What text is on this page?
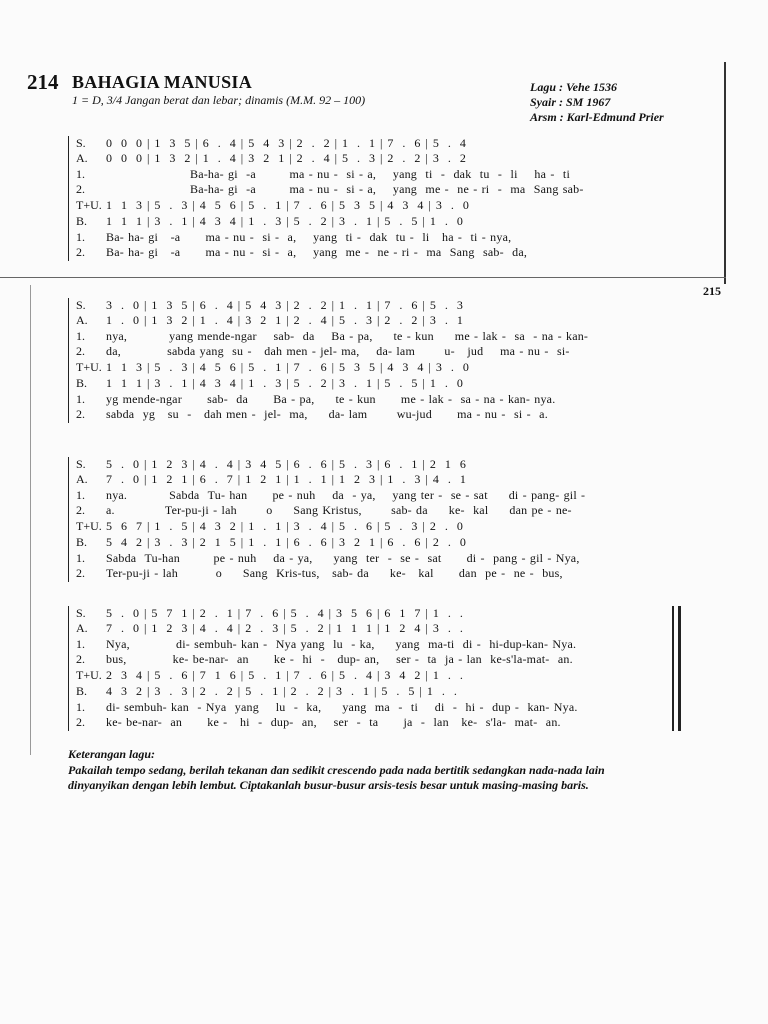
214 BAHAGIA MANUSIA
1 = D, 3/4 Jangan berat dan lebar; dinamis (M.M. 92 – 100)
Lagu : Vehe 1536
Syair : SM 1967
Arsm : Karl-Edmund Prier
215
S.	0  0  0 | 1  3  5 | 6  .  4 | 5  4  3 | 2  .  2 | 1  .  1 | 7  .  6 | 5  .  4
A.	0  0  0 | 1  3  2 | 1  .  4 | 3  2  1 | 2  .  4 | 5  .  3 | 2  .  2 | 3  .  2
1.	Ba-ha- gi  -a        ma - nu -  si - a,    yang  ti  -  dak  tu  -  li    ha -  ti
2.	Ba-ha- gi  -a        ma - nu -  si - a,    yang  me -  ne - ri  -  ma  Sang sab-
T+U. 1  1  3 | 5  .  3 | 4  5  6 | 5  .  1 | 7  .  6 | 5  3  5 | 4  3  4 | 3  .  0
B.	1  1  1 | 3  .  1 | 4  3  4 | 1  .  3 | 5  .  2 | 3  .  1 | 5  .  5 | 1  .  0
1.	Ba- ha- gi   -a      ma - nu -  si -  a,    yang  ti -  dak  tu -  li   ha -  ti - nya,
2.	Ba- ha- gi   -a      ma - nu -  si -  a,    yang  me -  ne - ri -  ma  Sang  sab-  da,
S.	3  .  0 | 1  3  5 | 6  .  4 | 5  4  3 | 2  .  2 | 1  .  1 | 7  .  6 | 5  .  3
A.	1  .  0 | 1  3  2 | 1  .  4 | 3  2  1 | 2  .  4 | 5  .  3 | 2  .  2 | 3  .  1
1.	nya,          yang mende-ngar    sab-  da    Ba - pa,     te - kun     me - lak -  sa  - na - kan-
2.	da,           sabda yang  su -   dah men - jel- ma,    da- lam       u-   jud    ma - nu -  si-
T+U. 1  1  3 | 5  .  3 | 4  5  6 | 5  .  1 | 7  .  6 | 5  3  5 | 4  3  4 | 3  .  0
B.	1  1  1 | 3  .  1 | 4  3  4 | 1  .  3 | 5  .  2 | 3  .  1 | 5  .  5 | 1  .  0
1.	yg mende-ngar      sab-  da      Ba - pa,     te - kun      me - lak -  sa - na - kan- nya.
2.	sabda  yg   su  -   dah men -  jel-  ma,     da- lam       wu-jud      ma - nu -  si -  a.
S.	5  .  0 | 1  2  3 | 4  .  4 | 3  4  5 | 6  .  6 | 5  .  3 | 6  .  1 | 2  1  6
A.	7  .  0 | 1  2  1 | 6  .  7 | 1  2  1 | 1  .  1 | 1  2  3 | 1  .  3 | 4  .  1
1.	nya.          Sabda  Tu- han      pe - nuh    da  - ya,    yang ter -  se - sat     di - pang- gil -
2.	a.            Ter-pu-ji - lah       o     Sang Kristus,       sab- da     ke-  kal     dan pe - ne-
T+U. 5  6  7 | 1  .  5 | 4  3  2 | 1  .  1 | 3  .  4 | 5  .  6 | 5  .  3 | 2  .  0
B.	5  4  2 | 3  .  3 | 2  1  5 | 1  .  1 | 6  .  6 | 3  2  1 | 6  .  6 | 2  .  0
1.	Sabda  Tu-han        pe - nuh    da - ya,     yang  ter  -  se -  sat      di -  pang - gil - Nya,
2.	Ter-pu-ji - lah         o     Sang  Kris-tus,   sab- da     ke-   kal      dan  pe -  ne -  bus,
S.	5  .  0 | 5  7  1 | 2  .  1 | 7  .  6 | 5  .  4 | 3  5  6 | 6  1  7 | 1  .  .
A.	7  .  0 | 1  2  3 | 4  .  4 | 2  .  3 | 5  .  2 | 1  1  1 | 1  2  4 | 3  .  .
1.	Nya,           di- sembuh- kan -  Nya yang  lu  - ka,     yang  ma-ti  di -  hi-dup-kan- Nya.
2.	bus,           ke- be-nar-  an      ke -  hi  -   dup- an,    ser -  ta  ja - lan  ke-s'la-mat-  an.
T+U. 2  3  4 | 5  .  6 | 7  1  6 | 5  .  1 | 7  .  6 | 5  .  4 | 3  4  2 | 1  .  .
B.	4  3  2 | 3  .  3 | 2  .  2 | 5  .  1 | 2  .  2 | 3  .  1 | 5  .  5 | 1  .  .
1.	di- sembuh- kan  - Nya  yang    lu  -  ka,     yang  ma  -  ti    di  -  hi -  dup -  kan- Nya.
2.	ke- be-nar-  an      ke -   hi  -  dup-  an,    ser  -  ta      ja  -  lan   ke-  s'la-  mat-  an.
Keterangan lagu:
Pakailah tempo sedang, berilah tekanan dan sedikit crescendo pada nada bertitik sedangkan nada-nada lain
dinyanyikan dengan lebih lembut. Ciptakanlah busur-busur arsis-tesis besar untuk masing-masing baris.
